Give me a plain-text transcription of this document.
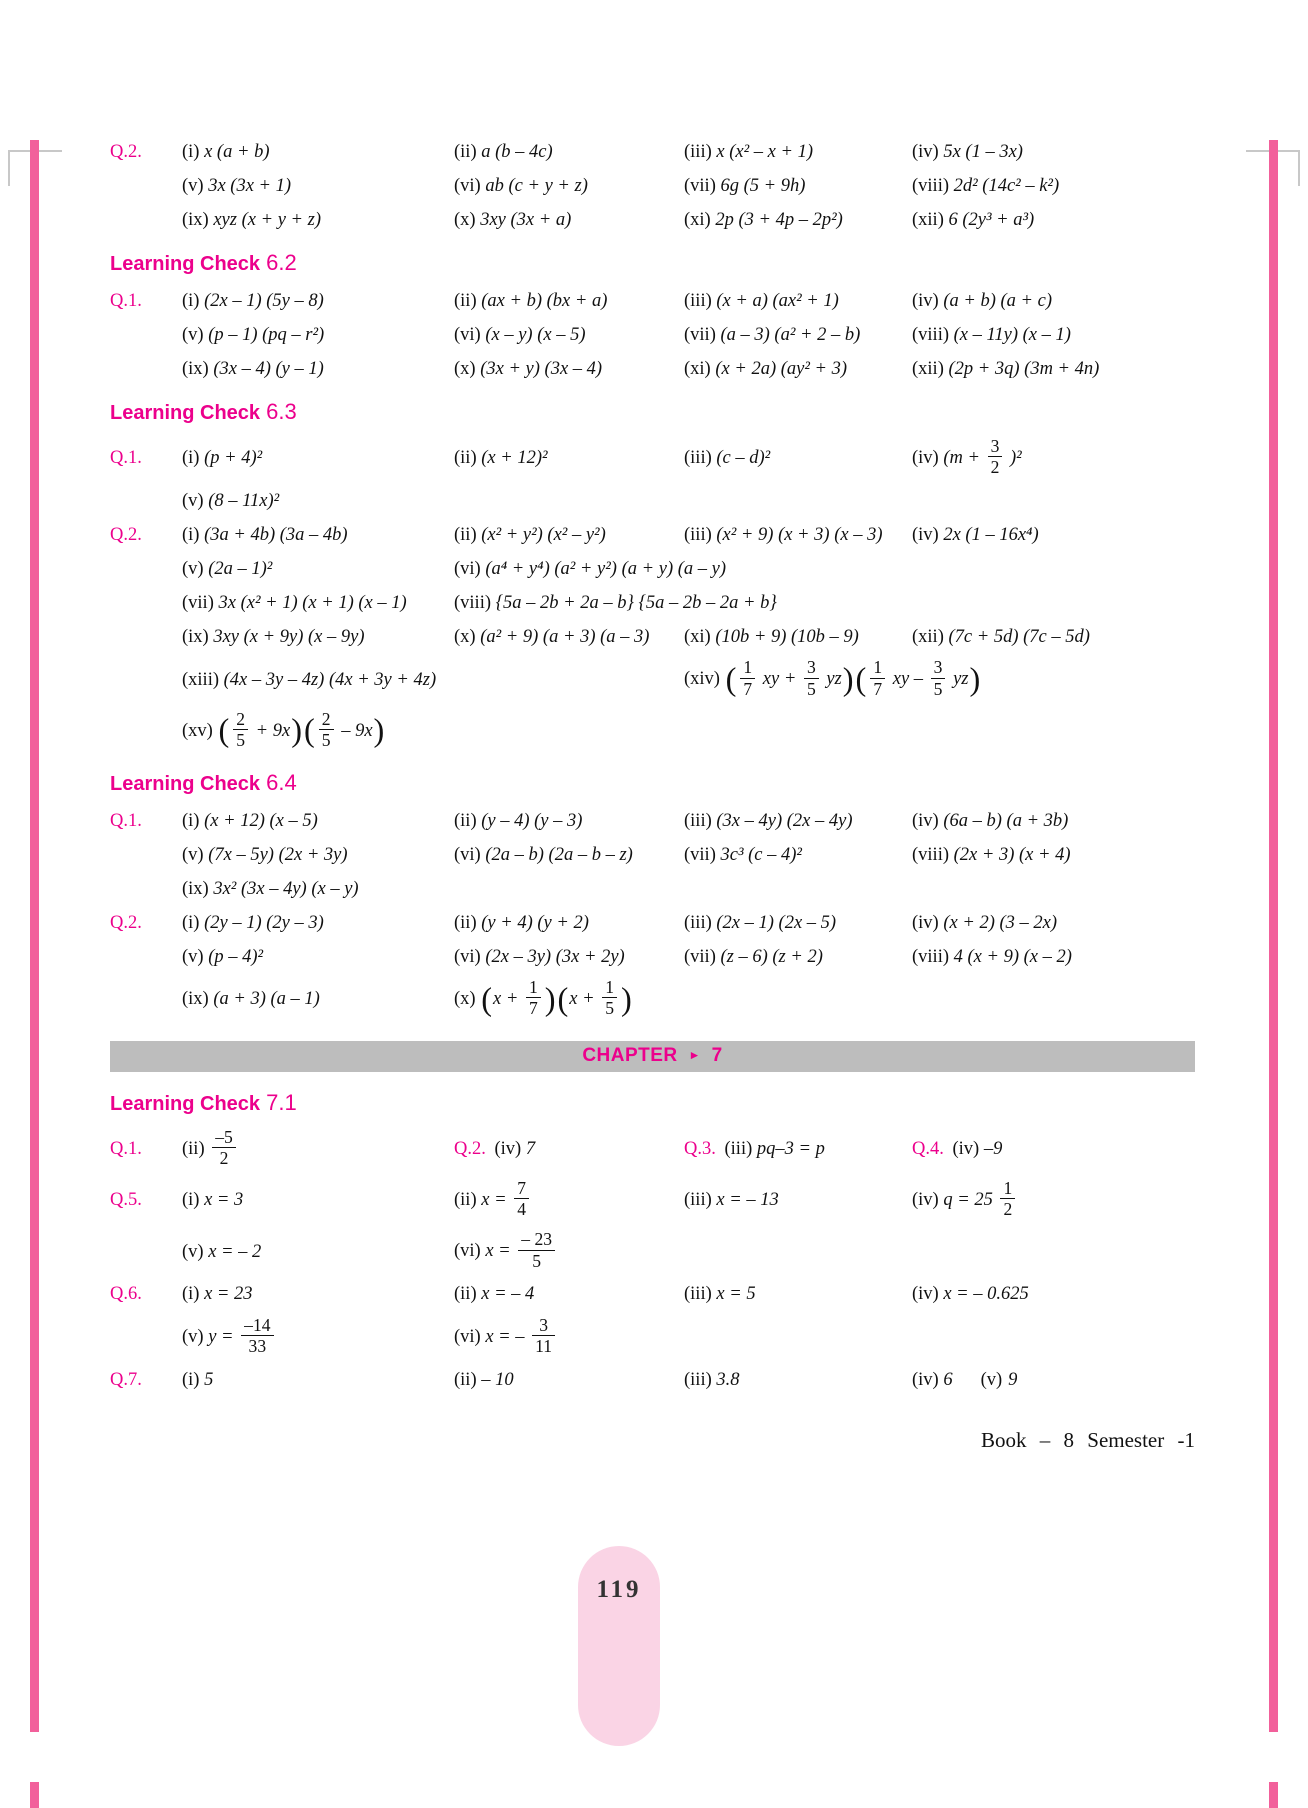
Q.2.	(i) x (a + b)	(ii) a (b – 4c)	(iii) x (x² – x + 1)	(iv) 5x (1 – 3x)
(v) 3x (3x + 1)	(vi) ab (c + y + z)	(vii) 6g (5 + 9h)	(viii) 2d² (14c² – k²)
(ix) xyz (x + y + z)	(x) 3xy (3x + a)	(xi) 2p (3 + 4p – 2p²)	(xii) 6 (2y³ + a³)
Learning Check 6.2
Q.1.	(i) (2x – 1) (5y – 8)	(ii) (ax + b) (bx + a)	(iii) (x + a) (ax² + 1)	(iv) (a + b) (a + c)
(v) (p – 1) (pq – r²)	(vi) (x – y) (x – 5)	(vii) (a – 3) (a² + 2 – b)	(viii) (x – 11y) (x – 1)
(ix) (3x – 4) (y – 1)	(x) (3x + y) (3x – 4)	(xi) (x + 2a) (ay² + 3)	(xii) (2p + 3q) (3m + 4n)
Learning Check 6.3
Q.1.	(i) (p + 4)²	(ii) (x + 12)²	(iii) (c – d)²	(iv) $(m + \frac{3}{2} )^2$
(v) (8 – 11x)²
Q.2.	(i) (3a + 4b) (3a – 4b)	(ii) (x² + y²) (x² – y²)	(iii) (x² + 9) (x + 3) (x – 3)	(iv) 2x (1 – 16x⁴)
(v) (2a – 1)²	(vi) (a⁴ + y⁴) (a² + y²) (a + y) (a – y)
(vii) 3x (x² + 1) (x + 1) (x – 1)	(viii) {5a – 2b + 2a – b} {5a – 2b – 2a + b}
(ix) 3xy (x + 9y) (x – 9y)	(x) (a² + 9) (a + 3) (a – 3)	(xi) (10b + 9) (10b – 9)	(xii) (7c + 5d) (7c – 5d)
(xiii) (4x – 3y – 4z) (4x + 3y + 4z)	(xiv) ( $\frac{1}{7}$ xy + $\frac{3}{5} yz)( \frac{1}{7}$ xy – $\frac{3}{5} yz$)
(xv) ( $\frac{2}{5} + 9x)( \frac{2}{5} - 9x)$
Learning Check 6.4
Q.1.	(i) (x + 12) (x – 5)	(ii) (y – 4) (y – 3)	(iii) (3x – 4y) (2x – 4y)	(iv) (6a – b) (a + 3b)
(v) (7x – 5y) (2x + 3y)	(vi) (2a – b) (2a – b – z)	(vii) 3c³ (c – 4)²	(viii) (2x + 3) (x + 4)
(ix) 3x² (3x – 4y) (x – y)
Q.2.	(i) (2y – 1) (2y – 3)	(ii) (y + 4) (y + 2)	(iii) (2x – 1) (2x – 5)	(iv) (x + 2) (3 – 2x)
(v) (p – 4)²	(vi) (2x – 3y) (3x + 2y)	(vii) (z – 6) (z + 2)	(viii) 4 (x + 9) (x – 2)
(ix) (a + 3) (a – 1)	(x) $(x + \frac{1}{7} )(x + \frac{1}{5}$ )
CHAPTER ► 7
Learning Check 7.1
Q.1.	$(ii) \frac{-5}{2}$	Q.2. (iv) 7	Q.3. (iii) pq–3 = p	Q.4. (iv) –9
Q.5.	(i) x = 3	(ii) $x = \frac{7}{4}$	(iii) x = – 13	(iv) $q = 25 \frac{1}{2}$
(v) x = – 2	(vi) $x = \frac{- 23}{5}$
Q.6.	(i) x = 23	(ii) x = – 4	(iii) x = 5	(iv) x = – 0.625
(v) $y = \frac{-14}{33}$	(vi) x = – $\frac{3}{11}$
Q.7.	(i) 5	(ii) – 10	(iii) 3.8	(iv) 6 (v) 9
Book – 8 Semester -1
119
